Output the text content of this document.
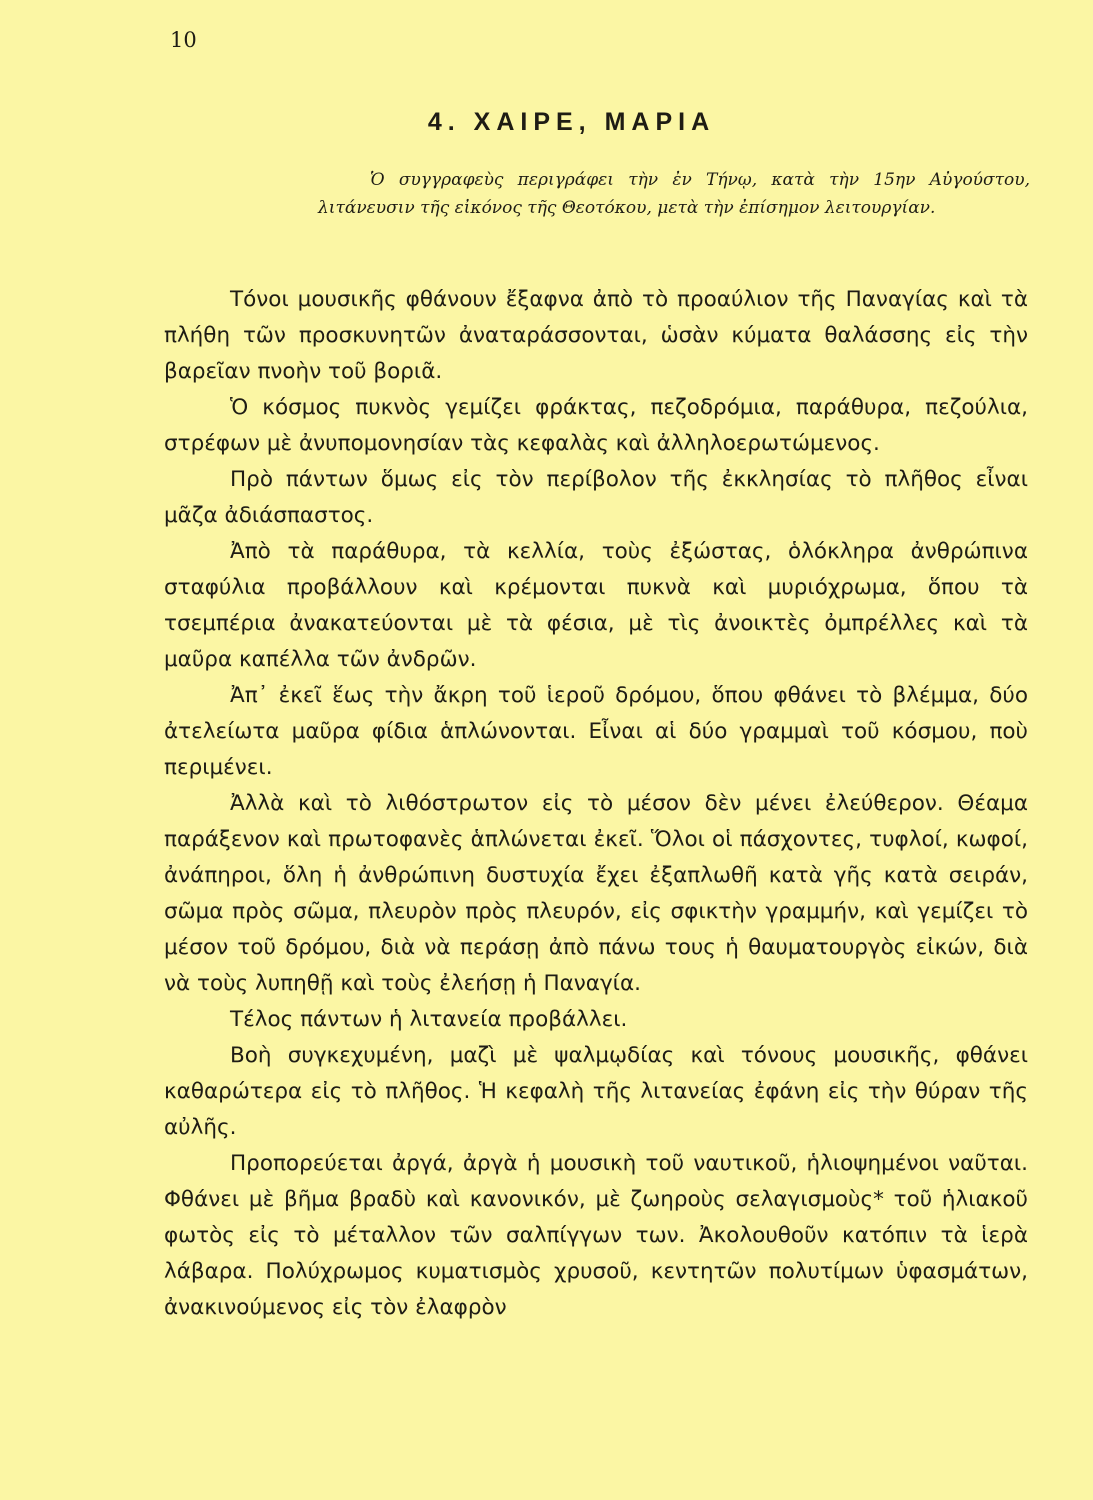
10
4. ΧΑΙΡΕ, ΜΑΡΙΑ
Ὁ συγγραφεὺς περιγράφει τὴν ἐν Τήνῳ, κατὰ τὴν 15ην Αὐγούστου, λιτάνευσιν τῆς εἰκόνος τῆς Θεοτόκου, μετὰ τὴν ἐπίσημον λειτουργίαν.

Τόνοι μουσικῆς φθάνουν ἔξαφνα ἀπὸ τὸ προαύλιον τῆς Παναγίας καὶ τὰ πλήθη τῶν προσκυνητῶν ἀναταράσσονται, ὡσὰν κύματα θαλάσσης εἰς τὴν βαρεῖαν πνοὴν τοῦ βοριᾶ.

Ὁ κόσμος πυκνὸς γεμίζει φράκτας, πεζοδρόμια, παράθυρα, πεζούλια, στρέφων μὲ ἀνυπομονησίαν τὰς κεφαλὰς καὶ ἀλληλοερωτώμενος.

Πρὸ πάντων ὅμως εἰς τὸν περίβολον τῆς ἐκκλησίας τὸ πλῆθος εἶναι μᾶζα ἀδιάσπαστος.

Ἀπὸ τὰ παράθυρα, τὰ κελλία, τοὺς ἐξώστας, ὁλόκληρα ἀνθρώπινα σταφύλια προβάλλουν καὶ κρέμονται πυκνὰ καὶ μυριόχρωμα, ὅπου τὰ τσεμπέρια ἀνακατεύονται μὲ τὰ φέσια, μὲ τὶς ἀνοικτὲς ὀμπρέλλες καὶ τὰ μαῦρα καπέλλα τῶν ἀνδρῶν.

Ἀπ᾿ ἐκεῖ ἕως τὴν ἄκρη τοῦ ἱεροῦ δρόμου, ὅπου φθάνει τὸ βλέμμα, δύο ἀτελείωτα μαῦρα φίδια ἁπλώνονται. Εἶναι αἱ δύο γραμμαὶ τοῦ κόσμου, ποὺ περιμένει.

Ἀλλὰ καὶ τὸ λιθόστρωτον εἰς τὸ μέσον δὲν μένει ἐλεύθερον. Θέαμα παράξενον καὶ πρωτοφανὲς ἁπλώνεται ἐκεῖ. Ὅλοι οἱ πάσχοντες, τυφλοί, κωφοί, ἀνάπηροι, ὅλη ἡ ἀνθρώπινη δυστυχία ἔχει ἐξαπλωθῆ κατὰ γῆς κατὰ σειράν, σῶμα πρὸς σῶμα, πλευρὸν πρὸς πλευρόν, εἰς σφικτὴν γραμμήν, καὶ γεμίζει τὸ μέσον τοῦ δρόμου, διὰ νὰ περάσῃ ἀπὸ πάνω τους ἡ θαυματουργὸς εἰκών, διὰ νὰ τοὺς λυπηθῇ καὶ τοὺς ἐλεήσῃ ἡ Παναγία.

Τέλος πάντων ἡ λιτανεία προβάλλει.

Βοὴ συγκεχυμένη, μαζὶ μὲ ψαλμῳδίας καὶ τόνους μουσικῆς, φθάνει καθαρώτερα εἰς τὸ πλῆθος. Ἡ κεφαλὴ τῆς λιτανείας ἐφάνη εἰς τὴν θύραν τῆς αὐλῆς.

Προπορεύεται ἀργά, ἀργὰ ἡ μουσικὴ τοῦ ναυτικοῦ, ἡλιοψημένοι ναῦται. Φθάνει μὲ βῆμα βραδὺ καὶ κανονικόν, μὲ ζωηροὺς σελαγισμοὺς* τοῦ ἡλιακοῦ φωτὸς εἰς τὸ μέταλλον τῶν σαλπίγγων των. Ἀκολουθοῦν κατόπιν τὰ ἱερὰ λάβαρα. Πολύχρωμος κυματισμὸς χρυσοῦ, κεντητῶν πολυτίμων ὑφασμάτων, ἀνακινούμενος εἰς τὸν ἐλαφρὸν
